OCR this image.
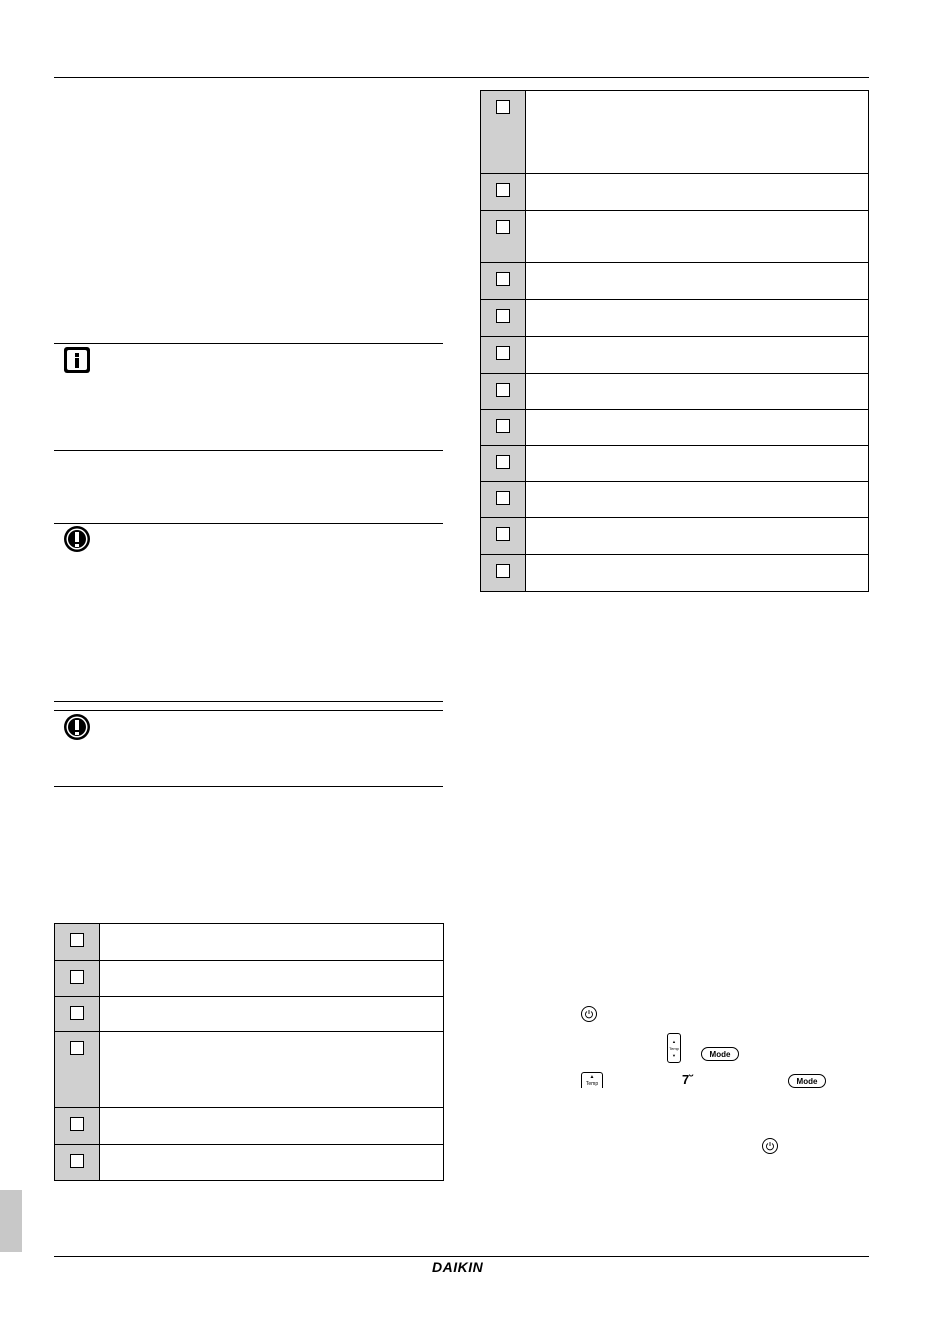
▲
Temp
▼	Mode
▲
Temp	7˘	Mode
DAIKIN
